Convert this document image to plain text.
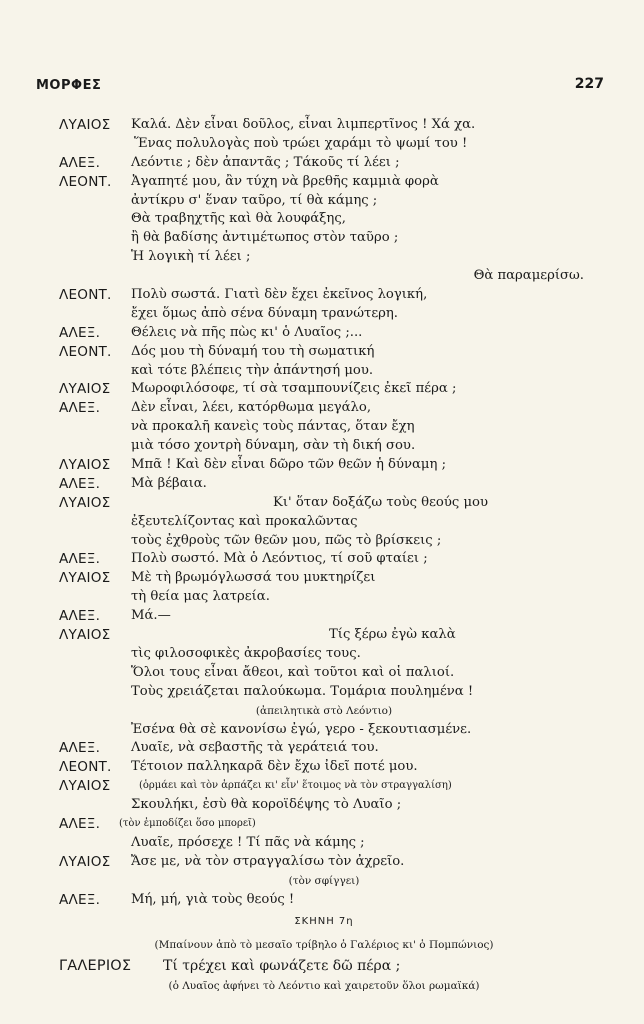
ΜΟΡΦΕΣ	227
ΛΥΑΙΟΣ Καλά. Δὲν εἶναι δοῦλος, εἶναι λιμπερτῖνος ! Χά χα.
Ἕνας πολυλογὰς ποὺ τρώει χαράμι τὸ ψωμί του !
ΑΛΕΞ. Λεόντιε ; δὲν ἀπαντᾶς ; Τάκοῦς τί λέει ;
ΛΕΟΝΤ. Ἀγαπητέ μου, ἂν τύχη νὰ βρεθῆς καμμιὰ φορὰ
ἀντίκρυ σ' ἕναν ταῦρο, τί θὰ κάμης ;
Θὰ τραβηχτῆς καὶ θὰ λουφάξης,
ἢ θὰ βαδίσης ἀντιμέτωπος στὸν ταῦρο ;
Ἡ λογικὴ τί λέει ;
Θὰ παραμερίσω.
ΛΕΟΝΤ. Πολὺ σωστά. Γιατὶ δὲν ἔχει ἐκεῖνος λογική,
ἔχει ὅμως ἀπὸ σένα δύναμη τρανώτερη.
ΑΛΕΞ. Θέλεις νὰ πῆς πὼς κι' ὁ Λυαῖος ;...
ΛΕΟΝΤ. Δός μου τὴ δύναμή του τὴ σωματική
καὶ τότε βλέπεις τὴν ἀπάντησή μου.
ΛΥΑΙΟΣ Μωροφιλόσοφε, τί σὰ τσαμπουνίζεις ἐκεῖ πέρα ;
ΑΛΕΞ. Δὲν εἶναι, λέει, κατόρθωμα μεγάλο,
νὰ προκαλῆ κανεὶς τοὺς πάντας, ὅταν ἔχη
μιὰ τόσο χοντρὴ δύναμη, σὰν τὴ δική σου.
ΛΥΑΙΟΣ Μπᾶ ! Καὶ δὲν εἶναι δῶρο τῶν θεῶν ἡ δύναμη ;
ΑΛΕΞ. Μὰ βέβαια.
ΛΥΑΙΟΣ	Κι' ὅταν δοξάζω τοὺς θεούς μου
ἐξευτελίζοντας καὶ προκαλῶντας
τοὺς ἐχθροὺς τῶν θεῶν μου, πῶς τὸ βρίσκεις ;
ΑΛΕΞ. Πολὺ σωστό. Μὰ ὁ Λεόντιος, τί σοῦ φταίει ;
ΛΥΑΙΟΣ Μὲ τὴ βρωμόγλωσσά του μυκτηρίζει
τὴ θεία μας λατρεία.
ΑΛΕΞ. Μά.—
ΛΥΑΙΟΣ	Τίς ξέρω ἐγὼ καλὰ
τὶς φιλοσοφικὲς ἀκροβασίες τους.
Ὅλοι τους εἶναι ἄθεοι, καὶ τοῦτοι καὶ οἱ παλιοί.
Τοὺς χρειάζεται παλούκωμα. Τομάρια πουλημένα !
(ἀπειλητικὰ στὸ Λεόντιο)
Ἐσένα θὰ σὲ κανονίσω ἐγώ, γερο - ξεκουτιασμένε.
ΑΛΕΞ. Λυαῖε, νὰ σεβαστῆς τὰ γεράτειά του.
ΛΕΟΝΤ. Τέτοιον παλληκαρᾶ δὲν ἔχω ἰδεῖ ποτέ μου.
ΛΥΑΙΟΣ	(ὁρμάει καὶ τὸν ἁρπάζει κι' εἶν' ἕτοιμος νὰ τὸν στραγγαλίση)
Σκουλήκι, ἐσὺ θὰ κοροϊδέψης τὸ Λυαῖο ;
ΑΛΕΞ. (τὸν ἐμποδίζει ὅσο μπορεῖ)
Λυαῖε, πρόσεχε ! Τί πᾶς νὰ κάμης ;
ΛΥΑΙΟΣ Ἄσε με, νὰ τὸν στραγγαλίσω τὸν ἀχρεῖο.
(τὸν σφίγγει)
ΑΛΕΞ. Μή, μή, γιὰ τοὺς θεούς !
ΣΚΗΝΗ 7η
(Μπαίνουν ἀπὸ τὸ μεσαῖο τρίβηλο ὁ Γαλέριος κι' ὁ Πομπώνιος)
ΓΑΛΕΡΙΟΣ Τί τρέχει καὶ φωνάζετε δῶ πέρα ;
(ὁ Λυαῖος ἀφήνει τὸ Λεόντιο καὶ χαιρετοῦν ὅλοι ρωμαϊκά)
